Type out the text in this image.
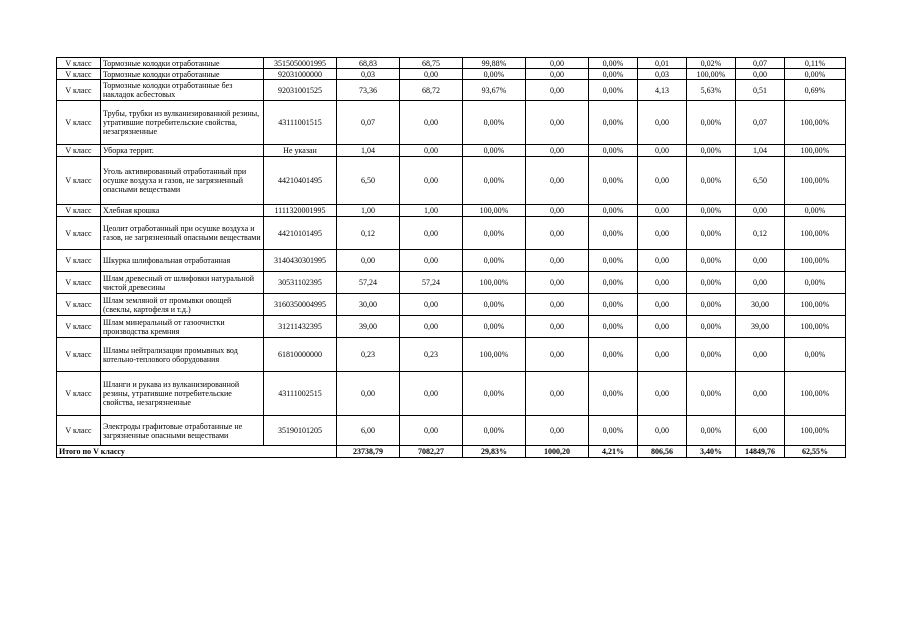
V класс	Тормозные колодки отработанные	3515050001995	68,83	68,75	99,88%	0,00	0,00%	0,01	0,02%	0,07	0,11%
V класс	Тормозные колодки отработанные	92031000000	0,03	0,00	0,00%	0,00	0,00%	0,03	100,00%	0,00	0,00%
V класс	Тормозные колодки отработанные без накладок асбестовых	92031001525	73,36	68,72	93,67%	0,00	0,00%	4,13	5,63%	0,51	0,69%
V класс	Трубы, трубки из вулканизированной резины, утратившие потребительские свойства, незагрязненные	43111001515	0,07	0,00	0,00%	0,00	0,00%	0,00	0,00%	0,07	100,00%
V класс	Уборка террит.	Не указан	1,04	0,00	0,00%	0,00	0,00%	0,00	0,00%	1,04	100,00%
V класс	Уголь активированный отработанный при осушке воздуха и газов, не загрязненный опасными веществами	44210401495	6,50	0,00	0,00%	0,00	0,00%	0,00	0,00%	6,50	100,00%
V класс	Хлебная крошка	1111320001995	1,00	1,00	100,00%	0,00	0,00%	0,00	0,00%	0,00	0,00%
V класс	Цеолит отработанный при осушке воздуха и газов, не загрязненный опасными веществами	44210101495	0,12	0,00	0,00%	0,00	0,00%	0,00	0,00%	0,12	100,00%
V класс	Шкурка шлифовальная отработанная	3140430301995	0,00	0,00	0,00%	0,00	0,00%	0,00	0,00%	0,00	100,00%
V класс	Шлам древесный от шлифовки натуральной чистой древесины	30531102395	57,24	57,24	100,00%	0,00	0,00%	0,00	0,00%	0,00	0,00%
V класс	Шлам земляной от промывки овощей (свеклы, картофеля и т.д.)	3160350004995	30,00	0,00	0,00%	0,00	0,00%	0,00	0,00%	30,00	100,00%
V класс	Шлам минеральный от газоочистки производства кремния	31211432395	39,00	0,00	0,00%	0,00	0,00%	0,00	0,00%	39,00	100,00%
V класс	Шламы нейтрализации промывных вод котельно-теплового оборудования	61810000000	0,23	0,23	100,00%	0,00	0,00%	0,00	0,00%	0,00	0,00%
V класс	Шланги и рукава из вулканизированной резины, утратившие потребительские свойства, незагрязненные	43111002515	0,00	0,00	0,00%	0,00	0,00%	0,00	0,00%	0,00	100,00%
V класс	Электроды графитовые отработанные не загрязненные опасными веществами	35190101205	6,00	0,00	0,00%	0,00	0,00%	0,00	0,00%	6,00	100,00%
Итого по V классу			23738,79	7082,27	29,83%	1000,20	4,21%	806,56	3,40%	14849,76	62,55%
